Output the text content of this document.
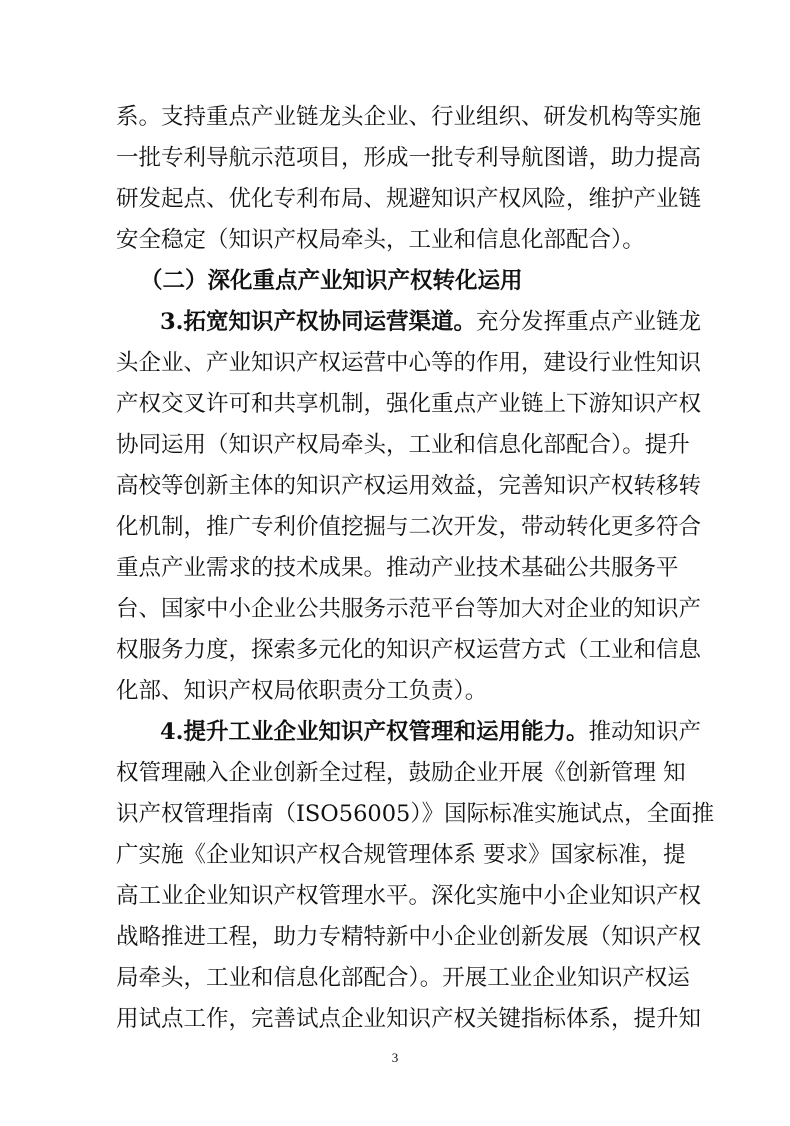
系。支持重点产业链龙头企业、行业组织、研发机构等实施
一批专利导航示范项目，形成一批专利导航图谱，助力提高
研发起点、优化专利布局、规避知识产权风险，维护产业链
安全稳定（知识产权局牵头，工业和信息化部配合）。
（二）深化重点产业知识产权转化运用
3.拓宽知识产权协同运营渠道。充分发挥重点产业链龙
头企业、产业知识产权运营中心等的作用，建设行业性知识
产权交叉许可和共享机制，强化重点产业链上下游知识产权
协同运用（知识产权局牵头，工业和信息化部配合）。提升
高校等创新主体的知识产权运用效益，完善知识产权转移转
化机制，推广专利价值挖掘与二次开发，带动转化更多符合
重点产业需求的技术成果。推动产业技术基础公共服务平
台、国家中小企业公共服务示范平台等加大对企业的知识产
权服务力度，探索多元化的知识产权运营方式（工业和信息
化部、知识产权局依职责分工负责）。
4.提升工业企业知识产权管理和运用能力。推动知识产
权管理融入企业创新全过程，鼓励企业开展《创新管理 知
识产权管理指南（ISO56005）》国际标准实施试点，全面推
广实施《企业知识产权合规管理体系 要求》国家标准，提
高工业企业知识产权管理水平。深化实施中小企业知识产权
战略推进工程，助力专精特新中小企业创新发展（知识产权
局牵头，工业和信息化部配合）。开展工业企业知识产权运
用试点工作，完善试点企业知识产权关键指标体系，提升知
3
